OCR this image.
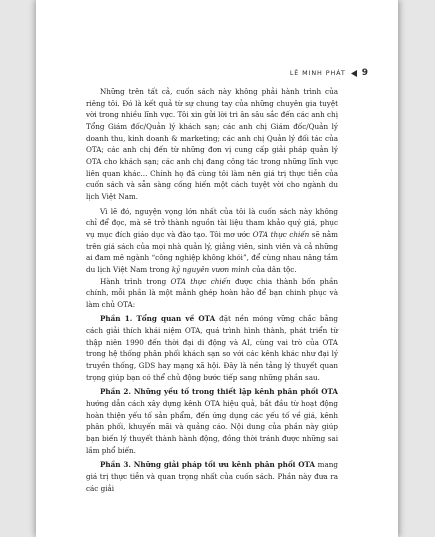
LÊ MINH PHÁT 9

Những trên tất cả, cuốn sách này không phải hành trình của riêng tôi. Đó là kết quả từ sự chung tay của những chuyên gia tuyệt vời trong nhiều lĩnh vực. Tôi xin gửi lời tri ân sâu sắc đến các anh chị Tổng Giám đốc/Quản lý khách sạn; các anh chị Giám đốc/Quản lý doanh thu, kinh doanh & marketing; các anh chị Quản lý đối tác của OTA; các anh chị đến từ những đơn vị cung cấp giải pháp quản lý OTA cho khách sạn; các anh chị đang công tác trong những lĩnh vực liên quan khác... Chính họ đã cùng tôi làm nên giá trị thực tiễn của cuốn sách và sẵn sàng cống hiến một cách tuyệt vời cho ngành du lịch Việt Nam.

Vì lẽ đó, nguyện vọng lớn nhất của tôi là cuốn sách này không chỉ để đọc, mà sẽ trở thành nguồn tài liệu tham khảo quý giá, phục vụ mục đích giáo dục và đào tạo. Tôi mơ ước OTA thực chiến sẽ nằm trên giá sách của mọi nhà quản lý, giảng viên, sinh viên và cả những ai đam mê ngành “công nghiệp không khói”, để cùng nhau nâng tầm du lịch Việt Nam trong kỷ nguyên vươn mình của dân tộc.

Hành trình trong OTA thực chiến được chia thành bốn phần chính, mỗi phần là một mảnh ghép hoàn hảo để bạn chinh phục và làm chủ OTA:

Phần 1. Tổng quan về OTA đặt nền móng vững chắc bằng cách giải thích khái niệm OTA, quá trình hình thành, phát triển từ thập niên 1990 đến thời đại di động và AI, cùng vai trò của OTA trong hệ thống phân phối khách sạn so với các kênh khác như đại lý truyền thống, GDS hay mạng xã hội. Đây là nền tảng lý thuyết quan trọng giúp bạn có thể chủ động bước tiếp sang những phần sau.

Phần 2. Những yếu tố trong thiết lập kênh phân phối OTA hướng dẫn cách xây dựng kênh OTA hiệu quả, bắt đầu từ hoạt động hoàn thiện yếu tố sản phẩm, đến ứng dụng các yếu tố về giá, kênh phân phối, khuyến mãi và quảng cáo. Nội dung của phần này giúp bạn biến lý thuyết thành hành động, đồng thời tránh được những sai lầm phổ biến.

Phần 3. Những giải pháp tối ưu kênh phân phối OTA mang giá trị thực tiễn và quan trọng nhất của cuốn sách. Phần này đưa ra các giải
